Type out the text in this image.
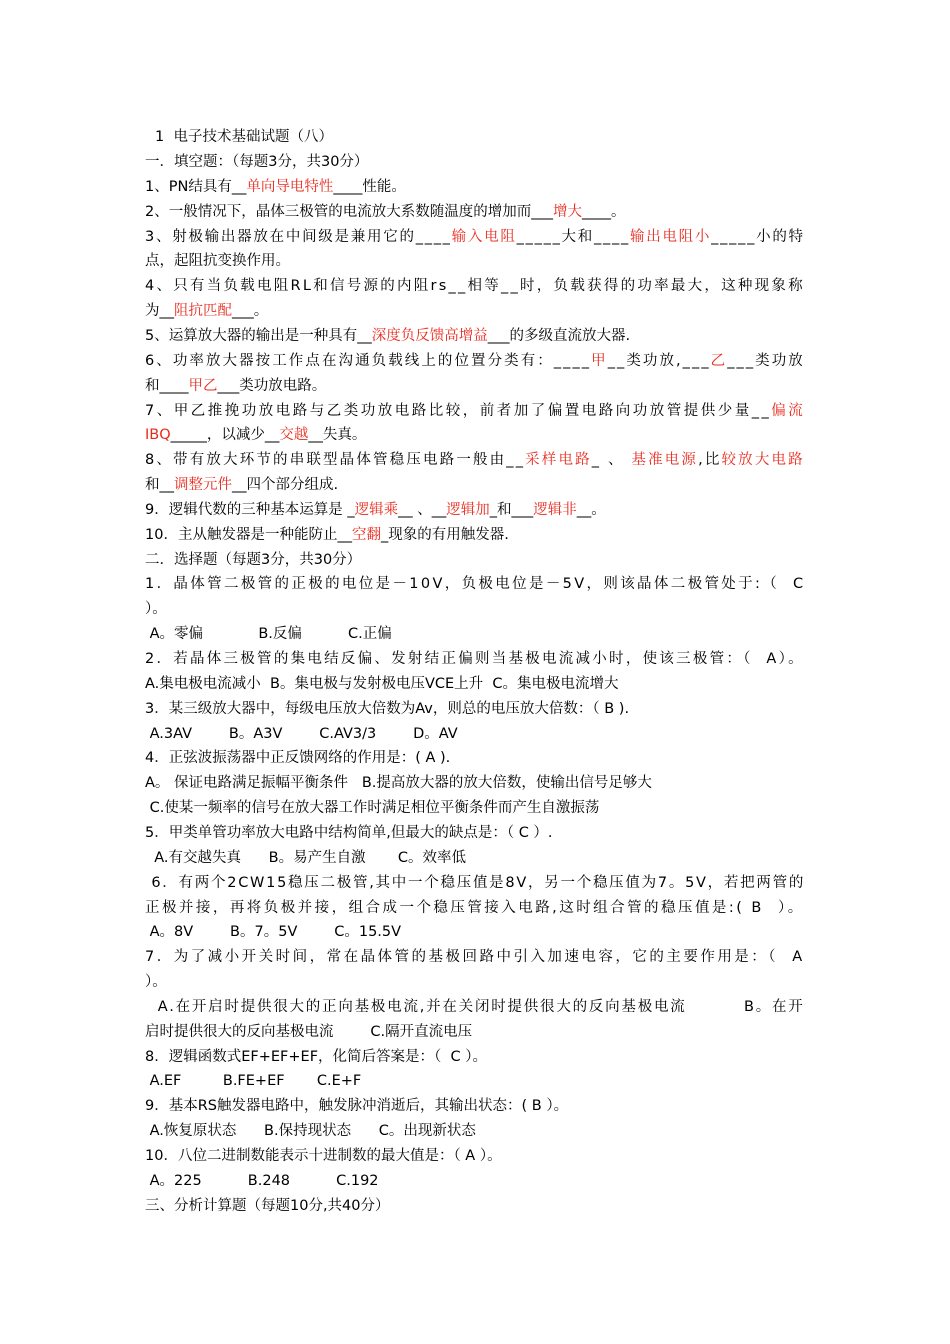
1  电子技术基础试题（八）
一．填空题：（每题3分，共30分）
1、PN结具有__单向导电特性____性能。
2、一般情况下，晶体三极管的电流放大系数随温度的增加而___增大____。
3、射极输出器放在中间级是兼用它的____输入电阻_____大和____输出电阻小_____小的特
点，起阻抗变换作用。
4、只有当负载电阻RL和信号源的内阻rs__相等__时，负载获得的功率最大，这种现象称
为__阻抗匹配___。
5、运算放大器的输出是一种具有__深度负反馈高增益___的多级直流放大器.
6、功率放大器按工作点在沟通负载线上的位置分类有：____甲__类功放,___乙___类功放
和____甲乙___类功放电路。
7、甲乙推挽功放电路与乙类功放电路比较，前者加了偏置电路向功放管提供少量__偏流
IBQ_____，以减少__交越__失真。
8、带有放大环节的串联型晶体管稳压电路一般由__采样电路_ 、 基准电源,比较放大电路
和__调整元件__四个部分组成.
9．逻辑代数的三种基本运算是 _逻辑乘__ 、__逻辑加_和___逻辑非__。
10．主从触发器是一种能防止__空翻_现象的有用触发器.
二．选择题（每题3分，共30分）
1．晶体管二极管的正极的电位是－10V，负极电位是－5V，则该晶体二极管处于:（  C
）。
A。零偏            B.反偏          C.正偏
2．若晶体三极管的集电结反偏、发射结正偏则当基极电流减小时，使该三极管：（  A）。
A.集电极电流减小  B。集电极与发射极电压VCE上升  C。集电极电流增大
3．某三级放大器中，每级电压放大倍数为Av，则总的电压放大倍数：（ B ).
A.3AV        B。A3V        C.AV3/3        D。AV
4．正弦波振荡器中正反馈网络的作用是：( A ).
A。 保证电路满足振幅平衡条件   B.提高放大器的放大倍数，使输出信号足够大
C.使某一频率的信号在放大器工作时满足相位平衡条件而产生自激振荡
5．甲类单管功率放大电路中结构简单,但最大的缺点是：（ C ）.
A.有交越失真      B。易产生自激       C。效率低
6．有两个2CW15稳压二极管,其中一个稳压值是8V，另一个稳压值为7。5V，若把两管的
正极并接，再将负极并接，组合成一个稳压管接入电路,这时组合管的稳压值是:( B  ）。
A。8V        B。7。5V        C。15.5V
7．为了减小开关时间，常在晶体管的基极回路中引入加速电容，它的主要作用是：（  A
）。
A.在开启时提供很大的正向基极电流,并在关闭时提供很大的反向基极电流         B。在开
启时提供很大的反向基极电流        C.隔开直流电压
8．逻辑函数式EF+EF+EF，化简后答案是：（  C ）。
A.EF         B.FE+EF       C.E+F
9．基本RS触发器电路中，触发脉冲消逝后，其输出状态：( B ）。
A.恢复原状态      B.保持现状态      C。出现新状态
10．八位二进制数能表示十进制数的最大值是：（ A ）。
A。225          B.248          C.192
三、分析计算题（每题10分,共40分）
